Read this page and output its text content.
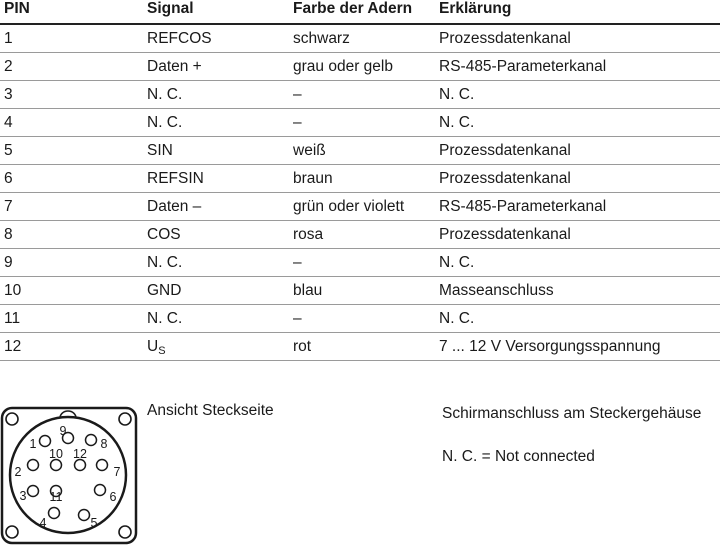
PIN	Signal	Farbe der Adern	Erklärung
1	REFCOS	schwarz	Prozessdatenkanal
2	Daten +	grau oder gelb	RS-485-Parameterkanal
3	N. C.	–	N. C.
4	N. C.	–	N. C.
5	SIN	weiß	Prozessdatenkanal
6	REFSIN	braun	Prozessdatenkanal
7	Daten –	grün oder violett	RS-485-Parameterkanal
8	COS	rosa	Prozessdatenkanal
9	N. C.	–	N. C.
10	GND	blau	Masseanschluss
11	N. C.	–	N. C.
12	US	rot	7 ... 12 V Versorgungsspannung
1
2
3
4	5
6
7
8
9
10
11
12
Ansicht Steckseite	Schirmanschluss am Steckergehäuse
N. C. = Not connected
